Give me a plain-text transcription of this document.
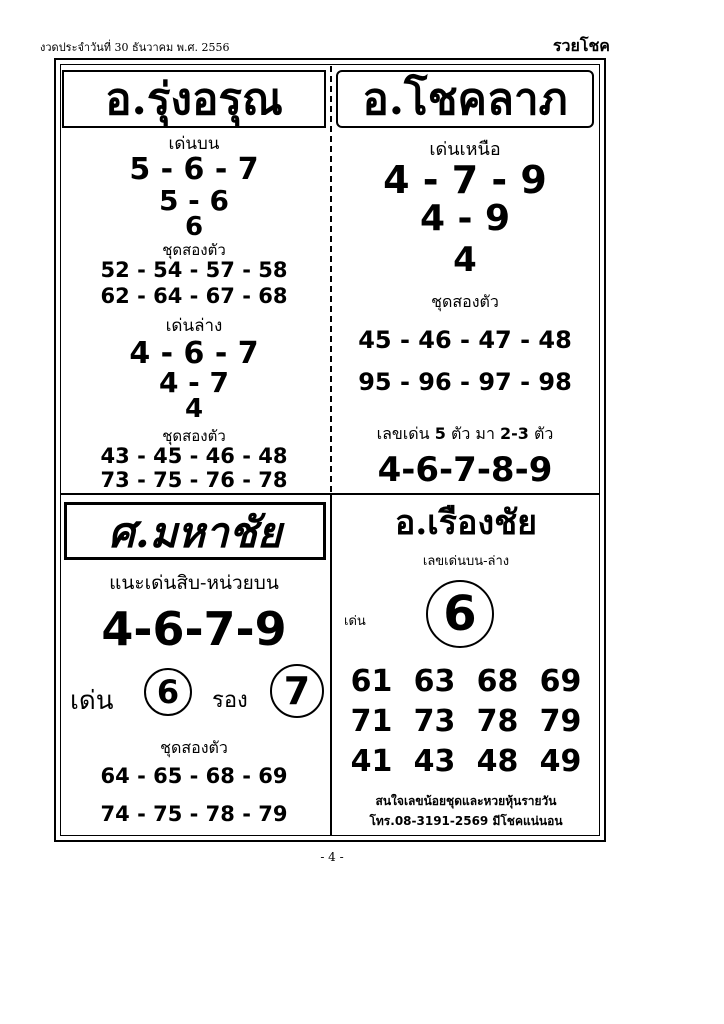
งวดประจำวันที่ 30 ธันวาคม พ.ศ. 2556	รวยโชค
อ.รุ่งอรุณ
เด่นบน
5 - 6 - 7
5 - 6
6
ชุดสองตัว
52 - 54 - 57 - 58
62 - 64 - 67 - 68
เด่นล่าง
4 - 6 - 7
4 - 7
4
ชุดสองตัว
43 - 45 - 46 - 48
73 - 75 - 76 - 78
อ.โชคลาภ
เด่นเหนือ
4 - 7 - 9
4 - 9
4
ชุดสองตัว
45 - 46 - 47 - 48
95 - 96 - 97 - 98
เลขเด่น 5 ตัว มา 2-3 ตัว
4-6-7-8-9
ศ.มหาชัย
แนะเด่นสิบ-หน่วยบน
4-6-7-9
เด่น	6	รอง 7
ชุดสองตัว
64 - 65 - 68 - 69
74 - 75 - 78 - 79
อ.เรืองชัย
เลขเด่นบน-ล่าง
เด่น	6
61 63 68 69
71 73 78 79
41 43 48 49
สนใจเลขน้อยชุดและหวยหุ้นรายวัน
โทร.08-3191-2569 มีโชคแน่นอน
- 4 -
